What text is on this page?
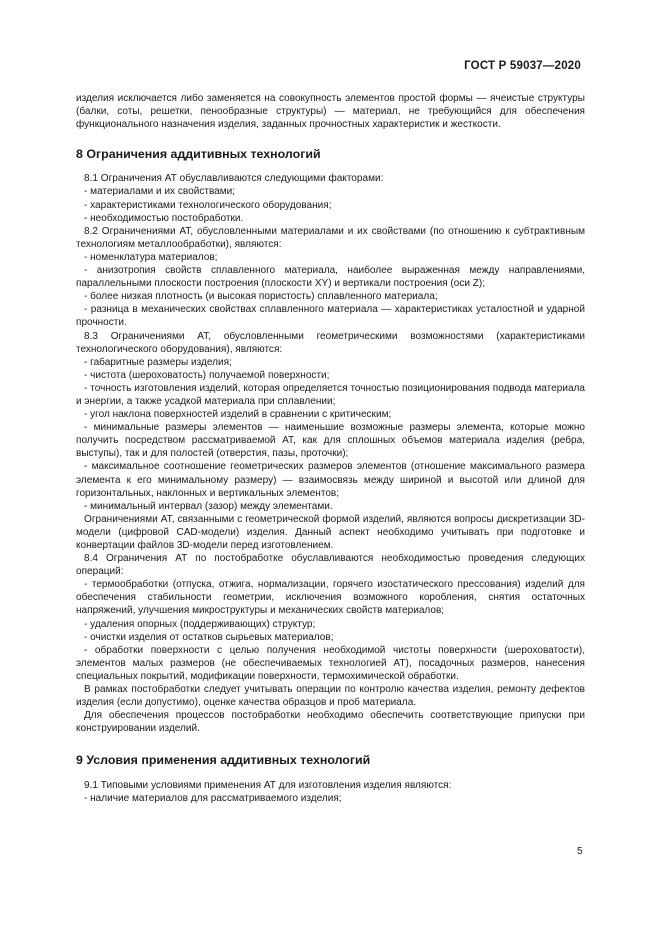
ГОСТ Р 59037—2020

изделия исключается либо заменяется на совокупность элементов простой формы — ячеистые структуры (балки, соты, решетки, пенообразные структуры) — материал, не требующийся для обеспечения функционального назначения изделия, заданных прочностных характеристик и жесткости.

8 Ограничения аддитивных технологий

8.1 Ограничения АТ обуславливаются следующими факторами:

- материалами и их свойствами;

- характеристиками технологического оборудования;

- необходимостью постобработки.

8.2 Ограничениями АТ, обусловленными материалами и их свойствами (по отношению к субтрактивным технологиям металлообработки), являются:

- номенклатура материалов;

- анизотропия свойств сплавленного материала, наиболее выраженная между направлениями, параллельными плоскости построения (плоскости XY) и вертикали построения (оси Z);

- более низкая плотность (и высокая пористость) сплавленного материала;

- разница в механических свойствах сплавленного материала — характеристиках усталостной и ударной прочности.

8.3 Ограничениями АТ, обусловленными геометрическими возможностями (характеристиками технологического оборудования), являются:

- габаритные размеры изделия;

- чистота (шероховатость) получаемой поверхности;

- точность изготовления изделий, которая определяется точностью позиционирования подвода материала и энергии, а также усадкой материала при сплавлении;

- угол наклона поверхностей изделий в сравнении с критическим;

- минимальные размеры элементов — наименьшие возможные размеры элемента, которые можно получить посредством рассматриваемой АТ, как для сплошных объемов материала изделия (ребра, выступы), так и для полостей (отверстия, пазы, проточки);

- максимальное соотношение геометрических размеров элементов (отношение максимального размера элемента к его минимальному размеру) — взаимосвязь между шириной и высотой или длиной для горизонтальных, наклонных и вертикальных элементов;

- минимальный интервал (зазор) между элементами.

Ограничениями АТ, связанными с геометрической формой изделий, являются вопросы дискретизации 3D-модели (цифровой CAD-модели) изделия. Данный аспект необходимо учитывать при подготовке и конвертации файлов 3D-модели перед изготовлением.

8.4 Ограничения АТ по постобработке обуславливаются необходимостью проведения следующих операций:

- термообработки (отпуска, отжига, нормализации, горячего изостатического прессования) изделий для обеспечения стабильности геометрии, исключения возможного коробления, снятия остаточных напряжений, улучшения микроструктуры и механических свойств материалов;

- удаления опорных (поддерживающих) структур;

- очистки изделия от остатков сырьевых материалов;

- обработки поверхности с целью получения необходимой чистоты поверхности (шероховатости), элементов малых размеров (не обеспечиваемых технологией АТ), посадочных размеров, нанесения специальных покрытий, модификации поверхности, термохимической обработки.

В рамках постобработки следует учитывать операции по контролю качества изделия, ремонту дефектов изделия (если допустимо), оценке качества образцов и проб материала.

Для обеспечения процессов постобработки необходимо обеспечить соответствующие припуски при конструировании изделий.

9 Условия применения аддитивных технологий

9.1 Типовыми условиями применения АТ для изготовления изделия являются:

- наличие материалов для рассматриваемого изделия;

5
